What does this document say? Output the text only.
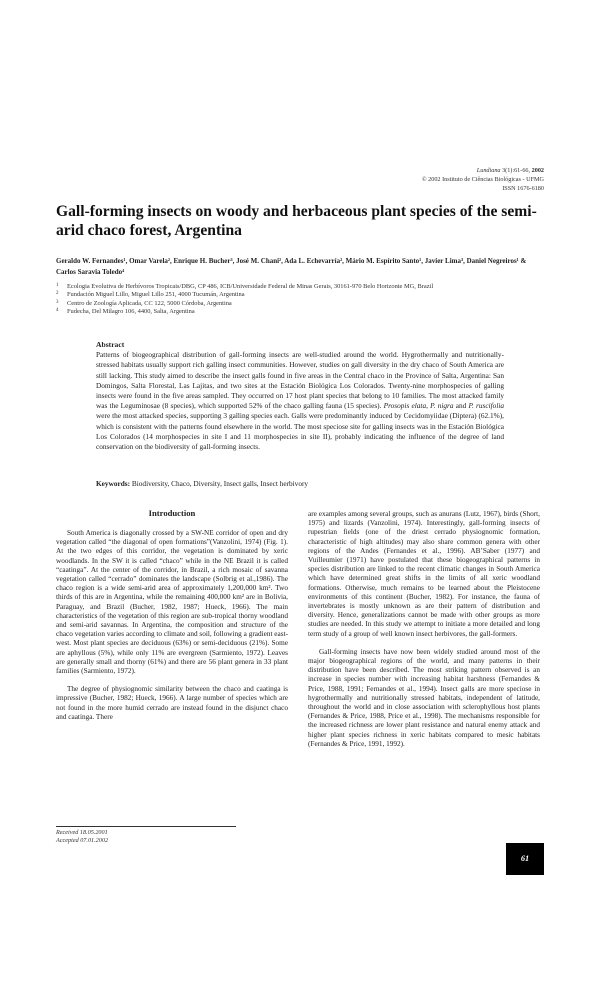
Lundiana 3(1):61-66, 2002
© 2002 Instituto de Ciências Biológicas - UFMG
ISSN 1676-6180
Gall-forming insects on woody and herbaceous plant species of the semi-arid chaco forest, Argentina
Geraldo W. Fernandes¹, Omar Varela², Enrique H. Bucher³, José M. Chani², Ada L. Echevarría², Mário M. Espírito Santo¹, Javier Lima³, Daniel Negreiros¹ & Carlos Saravia Toledo⁴
1 Ecologia Evolutiva de Herbívoros Tropicais/DBG, CP 486, ICB/Universidade Federal de Minas Gerais, 30161-970 Belo Horizonte MG, Brazil
2 Fundación Miguel Lillo, Miguel Lillo 251, 4000 Tucumán, Argentina
3 Centro de Zoología Aplicada, CC 122, 5000 Córdoba, Argentina
4 Fudecha, Del Milagro 106, 4400, Salta, Argentina
Abstract

Patterns of biogeographical distribution of gall-forming insects are well-studied around the world. Hygrothermally and nutritionally-stressed habitats usually support rich galling insect communities. However, studies on gall diversity in the dry chaco of South America are still lacking. This study aimed to describe the insect galls found in five areas in the Central chaco in the Province of Salta, Argentina: San Domingos, Salta Florestal, Las Lajitas, and two sites at the Estación Biológica Los Colorados. Twenty-nine morphospecies of galling insects were found in the five areas sampled. They occurred on 17 host plant species that belong to 10 families. The most attacked family was the Leguminosae (8 species), which supported 52% of the chaco galling fauna (15 species). Prosopis elata, P. nigra and P. ruscifolia were the most attacked species, supporting 3 galling species each. Galls were predominantly induced by Cecidomyiidae (Diptera) (62.1%), which is consistent with the patterns found elsewhere in the world. The most speciose site for galling insects was in the Estación Biológica Los Colorados (14 morphospecies in site I and 11 morphospecies in site II), probably indicating the influence of the degree of land conservation on the biodiversity of gall-forming insects.

Keywords: Biodiversity, Chaco, Diversity, Insect galls, Insect herbivory
Introduction

South America is diagonally crossed by a SW-NE corridor of open and dry vegetation called “the diagonal of open formations”(Vanzolini, 1974) (Fig. 1). At the two edges of this corridor, the vegetation is dominated by xeric woodlands. In the SW it is called “chaco” while in the NE Brazil it is called “caatinga”. At the center of the corridor, in Brazil, a rich mosaic of savanna vegetation called “cerrado” dominates the landscape (Solbrig et al.,1986). The chaco region is a wide semi-arid area of approximately 1,200,000 km². Two thirds of this are in Argentina, while the remaining 400,000 km² are in Bolivia, Paraguay, and Brazil (Bucher, 1982, 1987; Hueck, 1966). The main characteristics of the vegetation of this region are sub-tropical thorny woodland and semi-arid savannas. In Argentina, the composition and structure of the chaco vegetation varies according to climate and soil, following a gradient east-west. Most plant species are deciduous (63%) or semi-deciduous (21%). Some are aphyllous (5%), while only 11% are evergreen (Sarmiento, 1972). Leaves are generally small and thorny (61%) and there are 56 plant genera in 33 plant families (Sarmiento, 1972).

The degree of physiognomic similarity between the chaco and caatinga is impressive (Bucher, 1982; Hueck, 1966). A large number of species which are not found in the more humid cerrado are instead found in the disjunct chaco and caatinga. There

are examples among several groups, such as anurans (Lutz, 1967), birds (Short, 1975) and lizards (Vanzolini, 1974). Interestingly, gall-forming insects of rupestrian fields (one of the driest cerrado physiognomic formation, characteristic of high altitudes) may also share common genera with other regions of the Andes (Fernandes et al., 1996). AB’Saber (1977) and Vuilleumier (1971) have postulated that these biogeographical patterns in species distribution are linked to the recent climatic changes in South America which have determined great shifts in the limits of all xeric woodland formations. Otherwise, much remains to be learned about the Pleistocene environments of this continent (Bucher, 1982). For instance, the fauna of invertebrates is mostly unknown as are their pattern of distribution and diversity. Hence, generalizations cannot be made with other groups as more studies are needed. In this study we attempt to initiate a more detailed and long term study of a group of well known insect herbivores, the gall-formers.

Gall-forming insects have now been widely studied around most of the major biogeographical regions of the world, and many patterns in their distribution have been described. The most striking pattern observed is an increase in species number with increasing habitat harshness (Fernandes & Price, 1988, 1991; Fernandes et al., 1994). Insect galls are more speciose in hygrothermally and nutritionally stressed habitats, independent of latitude, throughout the world and in close association with sclerophyllous host plants (Fernandes & Price, 1988, Price et al., 1998). The mechanisms responsible for the increased richness are lower plant resistance and natural enemy attack and higher plant species richness in xeric habitats compared to mesic habitats (Fernandes & Price, 1991, 1992).

Received 18.05.2001
Accepted 07.01.2002
61
